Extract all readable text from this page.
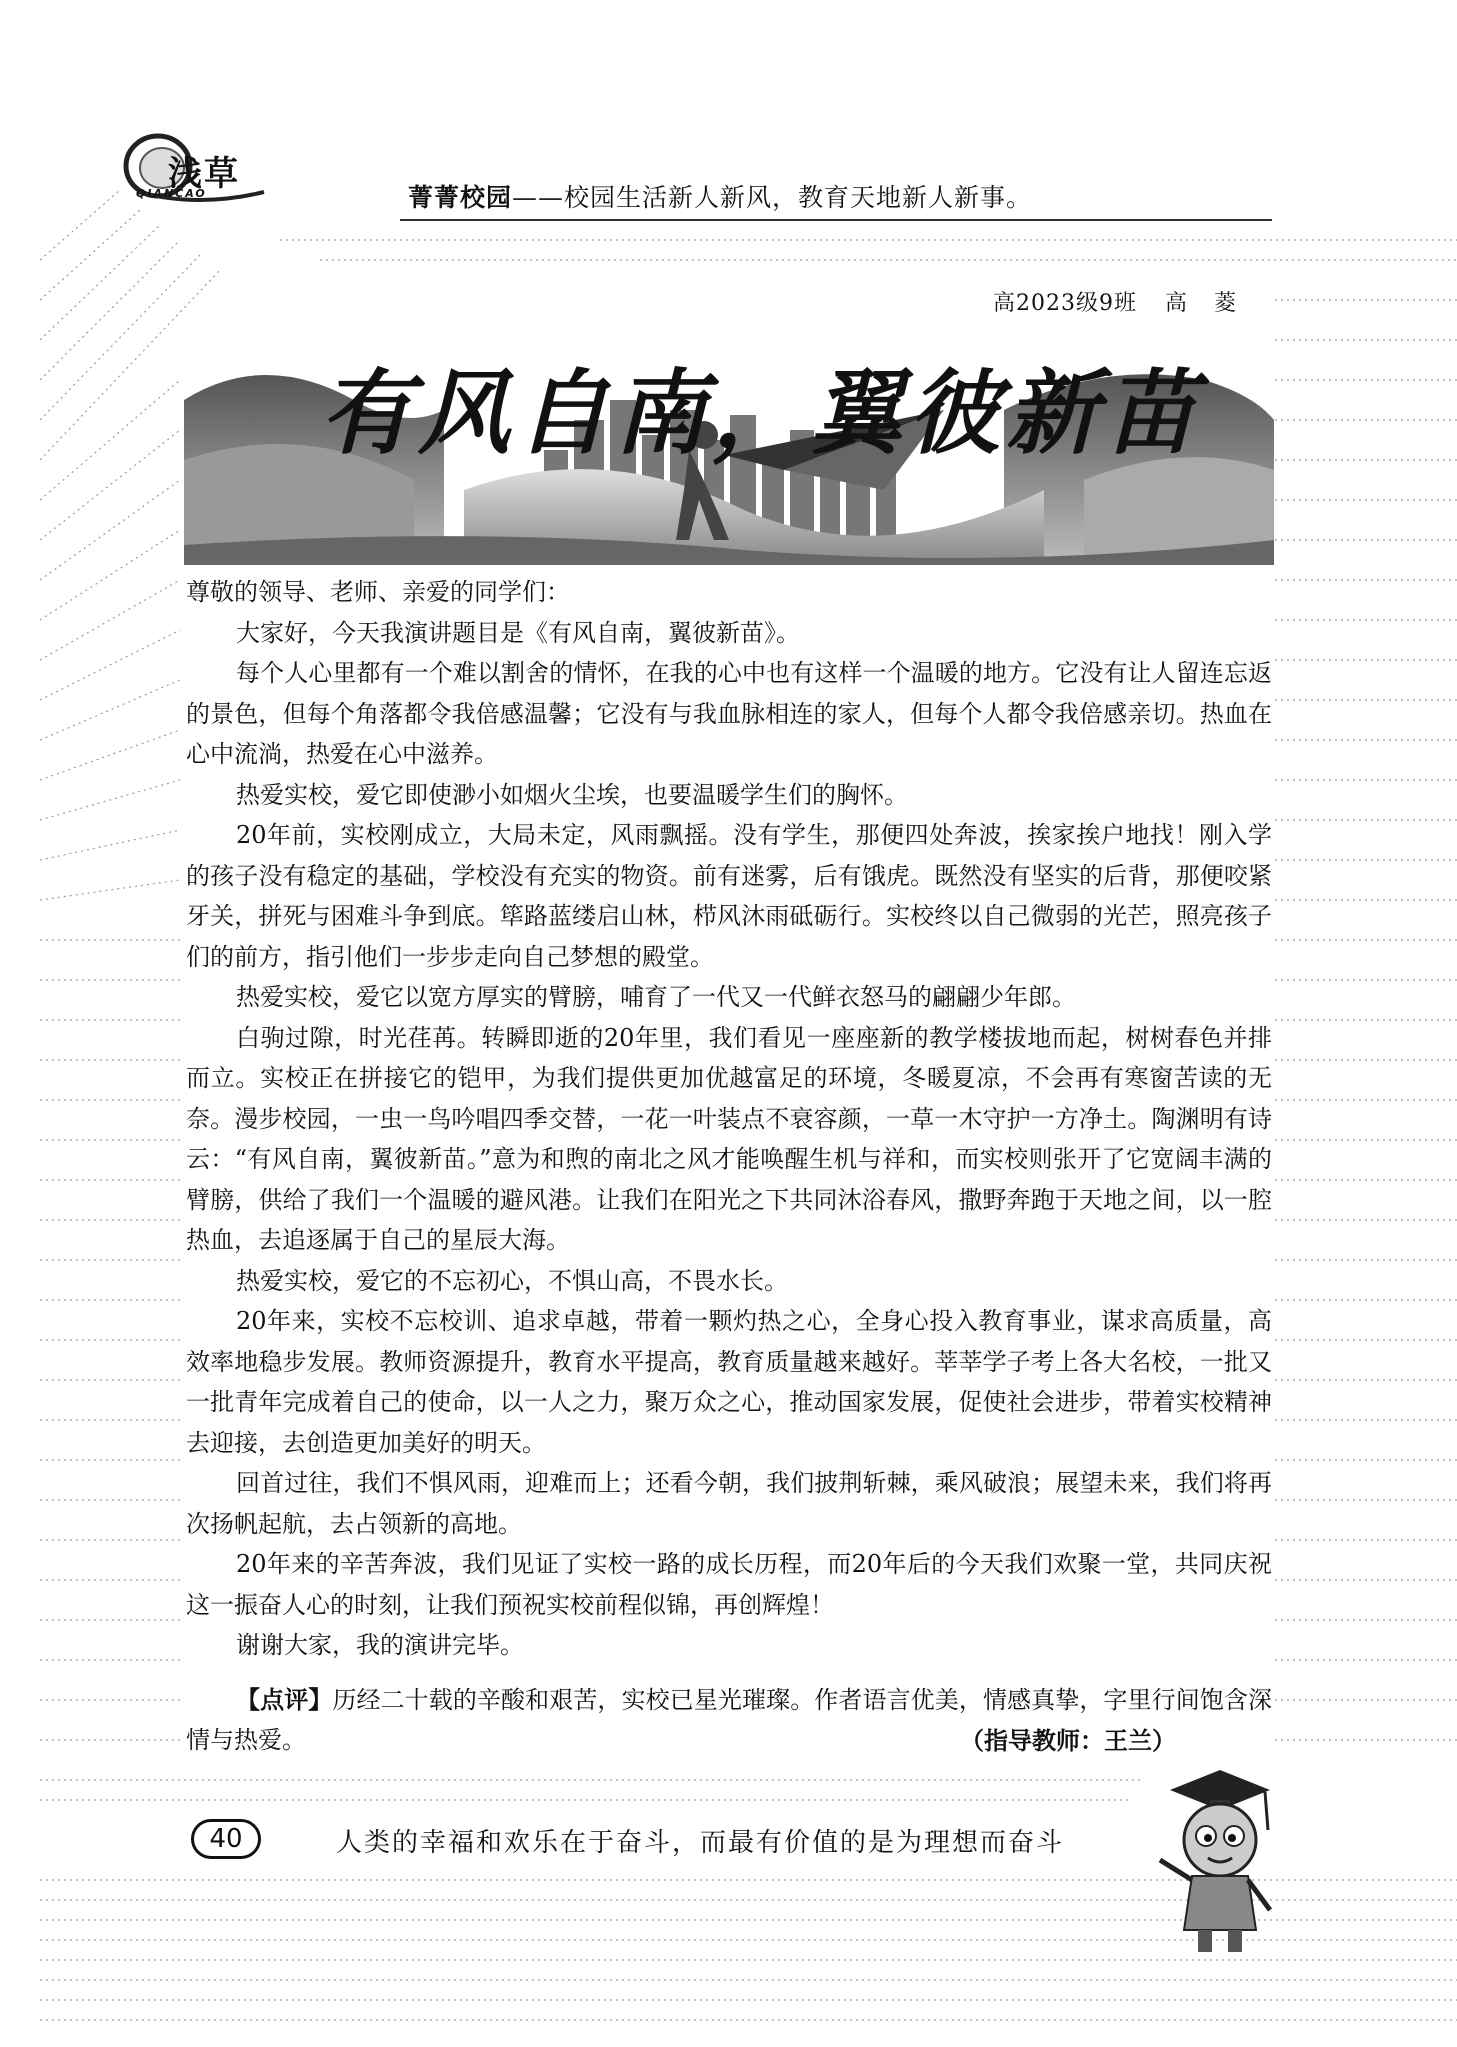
浅草
QIANCAO	菁菁校园——校园生活新人新风，教育天地新人新事。
高2023级9班 高 菱
有风自南，翼彼新苗

尊敬的领导、老师、亲爱的同学们：

大家好，今天我演讲题目是《有风自南，翼彼新苗》。

每个人心里都有一个难以割舍的情怀，在我的心中也有这样一个温暖的地方。它没有让人留连忘返的景色，但每个角落都令我倍感温馨；它没有与我血脉相连的家人，但每个人都令我倍感亲切。热血在心中流淌，热爱在心中滋养。

热爱实校，爱它即使渺小如烟火尘埃，也要温暖学生们的胸怀。

20年前，实校刚成立，大局未定，风雨飘摇。没有学生，那便四处奔波，挨家挨户地找！刚入学的孩子没有稳定的基础，学校没有充实的物资。前有迷雾，后有饿虎。既然没有坚实的后背，那便咬紧牙关，拼死与困难斗争到底。筚路蓝缕启山林，栉风沐雨砥砺行。实校终以自己微弱的光芒，照亮孩子们的前方，指引他们一步步走向自己梦想的殿堂。

热爱实校，爱它以宽方厚实的臂膀，哺育了一代又一代鲜衣怒马的翩翩少年郎。

白驹过隙，时光荏苒。转瞬即逝的20年里，我们看见一座座新的教学楼拔地而起，树树春色并排而立。实校正在拼接它的铠甲，为我们提供更加优越富足的环境，冬暖夏凉，不会再有寒窗苦读的无奈。漫步校园，一虫一鸟吟唱四季交替，一花一叶装点不衰容颜，一草一木守护一方净土。陶渊明有诗云：“有风自南，翼彼新苗。”意为和煦的南北之风才能唤醒生机与祥和，而实校则张开了它宽阔丰满的臂膀，供给了我们一个温暖的避风港。让我们在阳光之下共同沐浴春风，撒野奔跑于天地之间，以一腔热血，去追逐属于自己的星辰大海。

热爱实校，爱它的不忘初心，不惧山高，不畏水长。

20年来，实校不忘校训、追求卓越，带着一颗灼热之心，全身心投入教育事业，谋求高质量，高效率地稳步发展。教师资源提升，教育水平提高，教育质量越来越好。莘莘学子考上各大名校，一批又一批青年完成着自己的使命，以一人之力，聚万众之心，推动国家发展，促使社会进步，带着实校精神去迎接，去创造更加美好的明天。

回首过往，我们不惧风雨，迎难而上；还看今朝，我们披荆斩棘，乘风破浪；展望未来，我们将再次扬帆起航，去占领新的高地。

20年来的辛苦奔波，我们见证了实校一路的成长历程，而20年后的今天我们欢聚一堂，共同庆祝这一振奋人心的时刻，让我们预祝实校前程似锦，再创辉煌！

谢谢大家，我的演讲完毕。

【点评】历经二十载的辛酸和艰苦，实校已星光璀璨。作者语言优美，情感真挚，字里行间饱含深情与热爱。	（指导教师：王兰）
40	人类的幸福和欢乐在于奋斗，而最有价值的是为理想而奋斗
